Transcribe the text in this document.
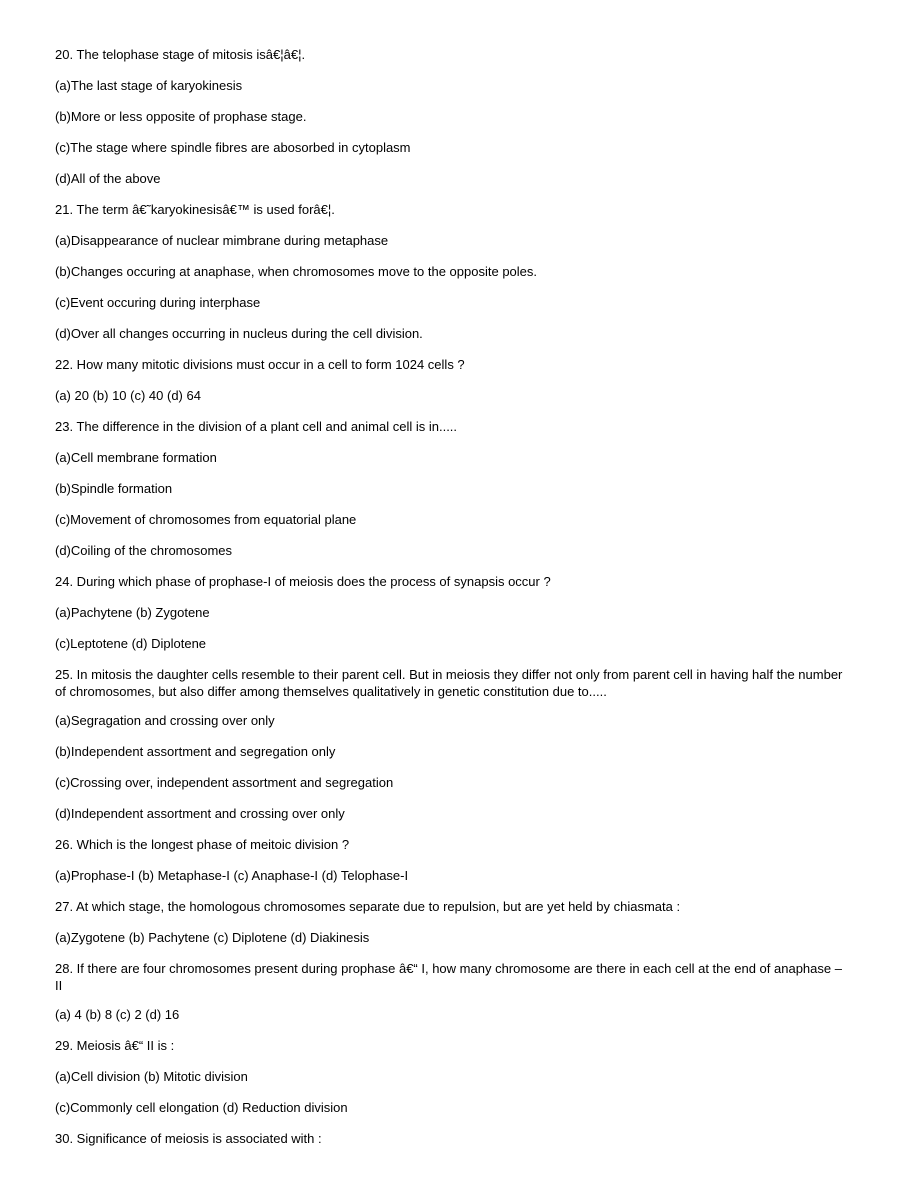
20. The telophase stage of mitosis isâ€¦â€¦.

(a)The last stage of karyokinesis

(b)More or less opposite of prophase stage.

(c)The stage where spindle fibres are abosorbed in cytoplasm

(d)All of the above

21. The term â€˜karyokinesisâ€™ is used forâ€¦.

(a)Disappearance of nuclear mimbrane during metaphase

(b)Changes occuring at anaphase, when chromosomes move to the opposite poles.

(c)Event occuring during interphase

(d)Over all changes occurring in nucleus during the cell division.

22. How many mitotic divisions must occur in a cell to form 1024 cells ?

(a) 20 (b) 10 (c) 40 (d) 64

23. The difference in the division of a plant cell and animal cell is in.....

(a)Cell membrane formation

(b)Spindle formation

(c)Movement of chromosomes from equatorial plane

(d)Coiling of the chromosomes

24. During which phase of prophase-I of meiosis does the process of synapsis occur ?

(a)Pachytene (b) Zygotene

(c)Leptotene (d) Diplotene

25. In mitosis the daughter cells resemble to their parent cell. But in meiosis they differ not only from parent cell in having half the number of chromosomes, but also differ among themselves qualitatively in genetic constitution due to.....

(a)Segragation and crossing over only

(b)Independent assortment and segregation only

(c)Crossing over, independent assortment and segregation

(d)Independent assortment and crossing over only

26. Which is the longest phase of meitoic division ?

(a)Prophase-I (b) Metaphase-I (c) Anaphase-I (d) Telophase-I

27. At which stage, the homologous chromosomes separate due to repulsion, but are yet held by chiasmata :

(a)Zygotene (b) Pachytene (c) Diplotene (d) Diakinesis

28. If there are four chromosomes present during prophase â€“ I, how many chromosome are there in each cell at the end of anaphase – II

(a) 4 (b) 8 (c) 2 (d) 16

29. Meiosis â€“ II is :

(a)Cell division (b) Mitotic division

(c)Commonly cell elongation (d) Reduction division

30. Significance of meiosis is associated with :
